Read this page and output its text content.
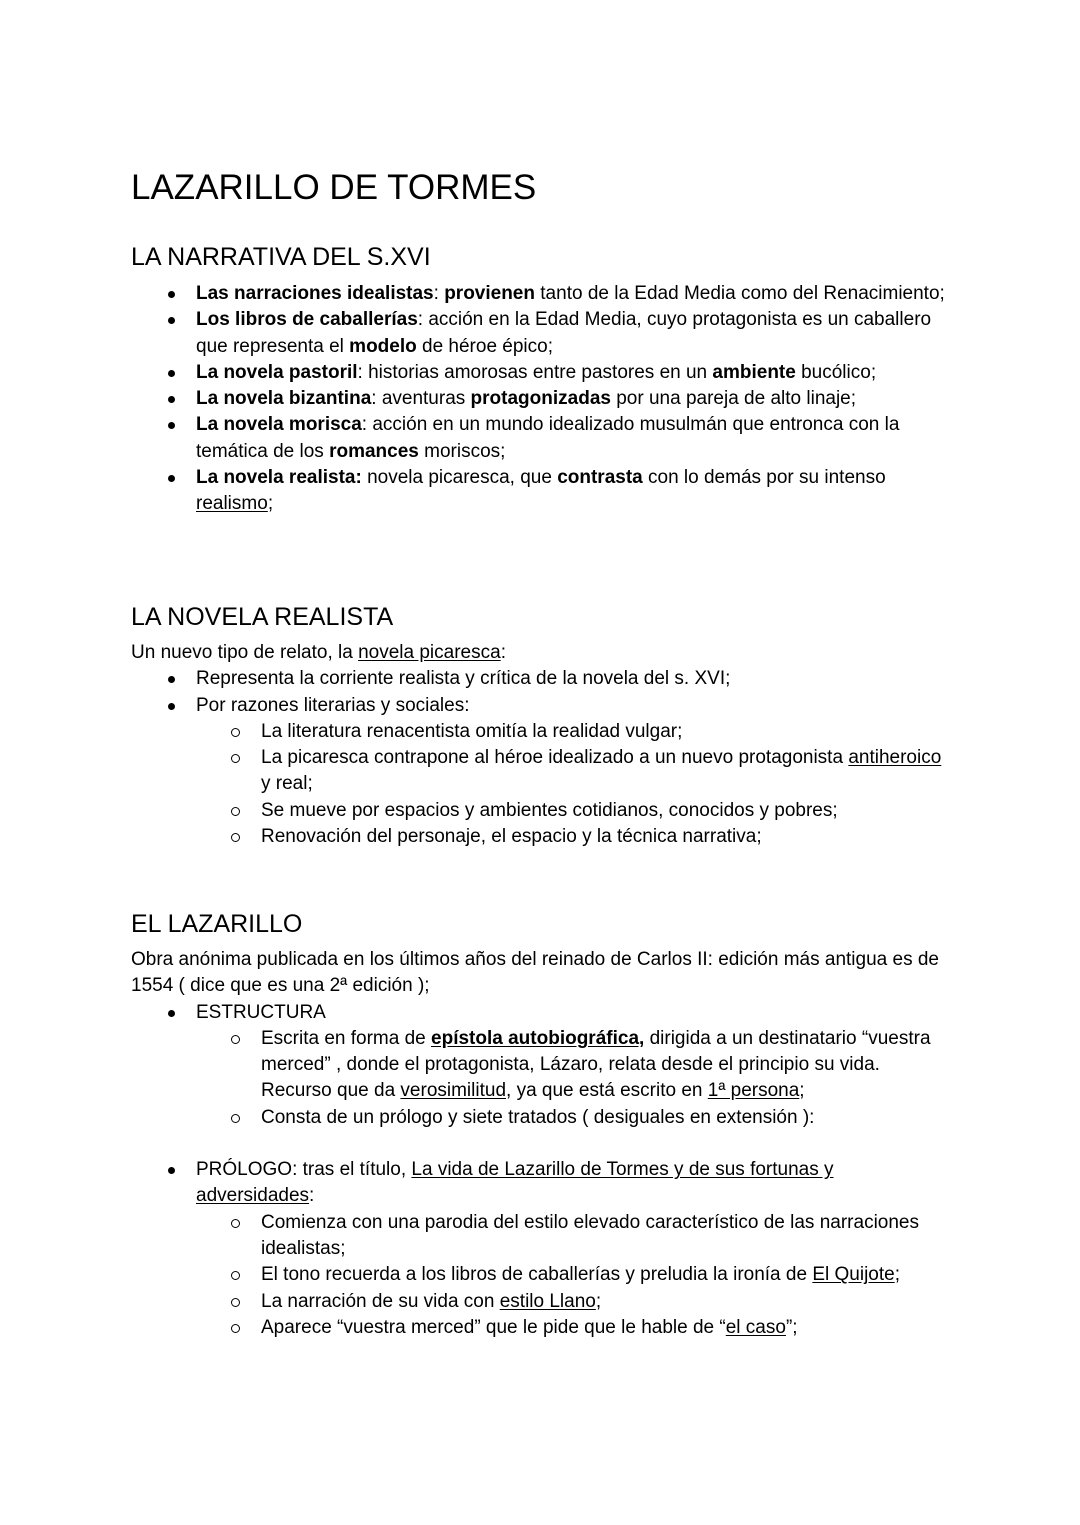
LAZARILLO DE TORMES
LA NARRATIVA DEL S.XVI
Las narraciones idealistas: provienen tanto de la Edad Media como del Renacimiento;
Los libros de caballerías: acción en la Edad Media, cuyo protagonista es un caballero que representa el modelo de héroe épico;
La novela pastoril: historias amorosas entre pastores en un ambiente bucólico;
La novela bizantina: aventuras protagonizadas por una pareja de alto linaje;
La novela morisca: acción en un mundo idealizado musulmán que entronca con la temática de los romances moriscos;
La novela realista: novela picaresca, que contrasta con lo demás por su intenso realismo;
LA NOVELA REALISTA

Un nuevo tipo de relato, la novela picaresca:

Representa la corriente realista y crítica de la novela del s. XVI;
Por razones literarias y sociales:
La literatura renacentista omitía la realidad vulgar;
La picaresca contrapone al héroe idealizado a un nuevo protagonista antiheroico y real;
Se mueve por espacios y ambientes cotidianos, conocidos y pobres;
Renovación del personaje, el espacio y la técnica narrativa;
EL LAZARILLO

Obra anónima publicada en los últimos años del reinado de Carlos II: edición más antigua es de 1554 ( dice que es una 2ª edición );

ESTRUCTURA
Escrita en forma de epístola autobiográfica, dirigida a un destinatario “vuestra merced” , donde el protagonista, Lázaro, relata desde el principio su vida. Recurso que da verosimilitud, ya que está escrito en 1ª persona;
Consta de un prólogo y siete tratados ( desiguales en extensión ):
PRÓLOGO: tras el título, La vida de Lazarillo de Tormes y de sus fortunas y adversidades:
Comienza con una parodia del estilo elevado característico de las narraciones idealistas;
El tono recuerda a los libros de caballerías y preludia la ironía de El Quijote;
La narración de su vida con estilo Llano;
Aparece “vuestra merced” que le pide que le hable de “el caso”;
